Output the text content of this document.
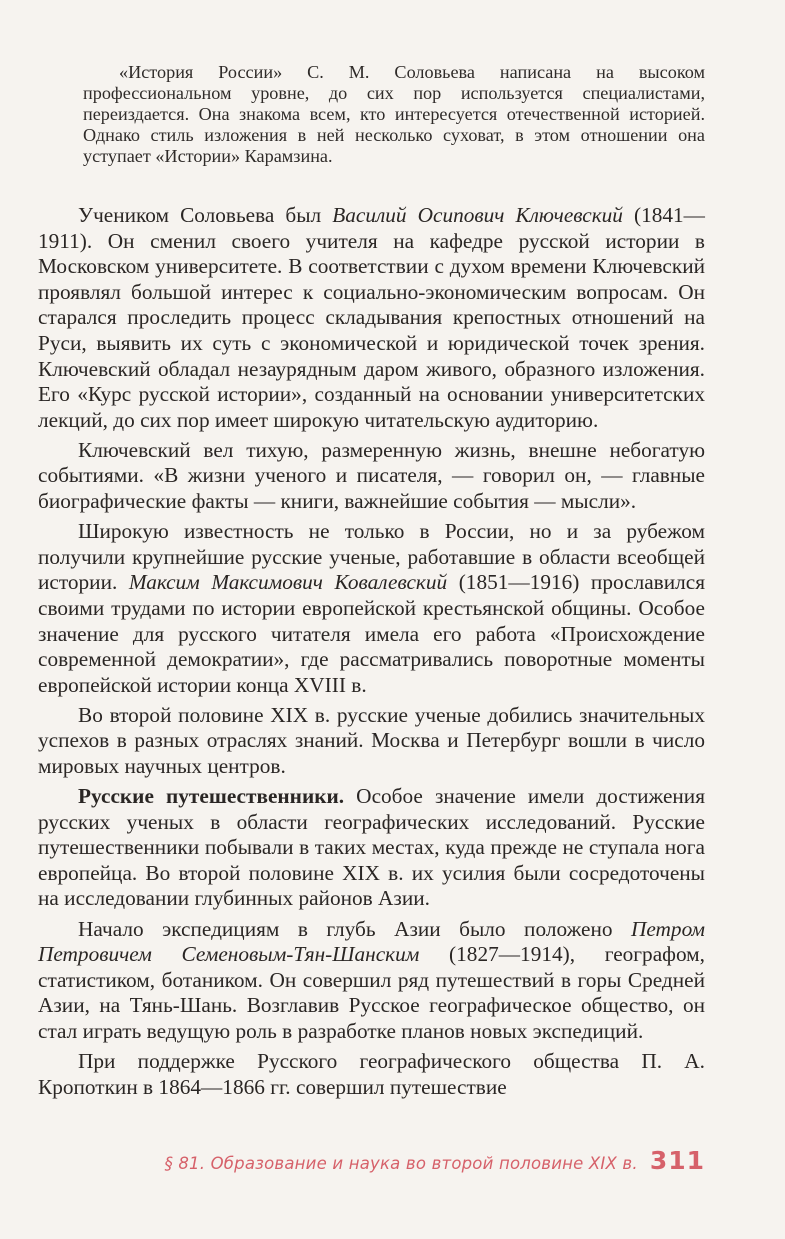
«История России» С. М. Соловьева написана на высоком профессиональном уровне, до сих пор используется специалистами, переиздается. Она знакома всем, кто интересуется отечественной историей. Однако стиль изложения в ней несколько суховат, в этом отношении она уступает «Истории» Карамзина.

Учеником Соловьева был Василий Осипович Ключевский (1841—1911). Он сменил своего учителя на кафедре русской истории в Московском университете. В соответствии с духом времени Ключевский проявлял большой интерес к социально-экономическим вопросам. Он старался проследить процесс складывания крепостных отношений на Руси, выявить их суть с экономической и юридической точек зрения. Ключевский обладал незаурядным даром живого, образного изложения. Его «Курс русской истории», созданный на основании университетских лекций, до сих пор имеет широкую читательскую аудиторию.

Ключевский вел тихую, размеренную жизнь, внешне небогатую событиями. «В жизни ученого и писателя, — говорил он, — главные биографические факты — книги, важнейшие события — мысли».

Широкую известность не только в России, но и за рубежом получили крупнейшие русские ученые, работавшие в области всеобщей истории. Максим Максимович Ковалевский (1851—1916) прославился своими трудами по истории европейской крестьянской общины. Особое значение для русского читателя имела его работа «Происхождение современной демократии», где рассматривались поворотные моменты европейской истории конца XVIII в.

Во второй половине XIX в. русские ученые добились значительных успехов в разных отраслях знаний. Москва и Петербург вошли в число мировых научных центров.

Русские путешественники. Особое значение имели достижения русских ученых в области географических исследований. Русские путешественники побывали в таких местах, куда прежде не ступала нога европейца. Во второй половине XIX в. их усилия были сосредоточены на исследовании глубинных районов Азии.

Начало экспедициям в глубь Азии было положено Петром Петровичем Семеновым-Тян-Шанским (1827—1914), географом, статистиком, ботаником. Он совершил ряд путешествий в горы Средней Азии, на Тянь-Шань. Возглавив Русское географическое общество, он стал играть ведущую роль в разработке планов новых экспедиций.

При поддержке Русского географического общества П. А. Кропоткин в 1864—1866 гг. совершил путешествие

§ 81. Образование и наука во второй половине XIX в. 311
